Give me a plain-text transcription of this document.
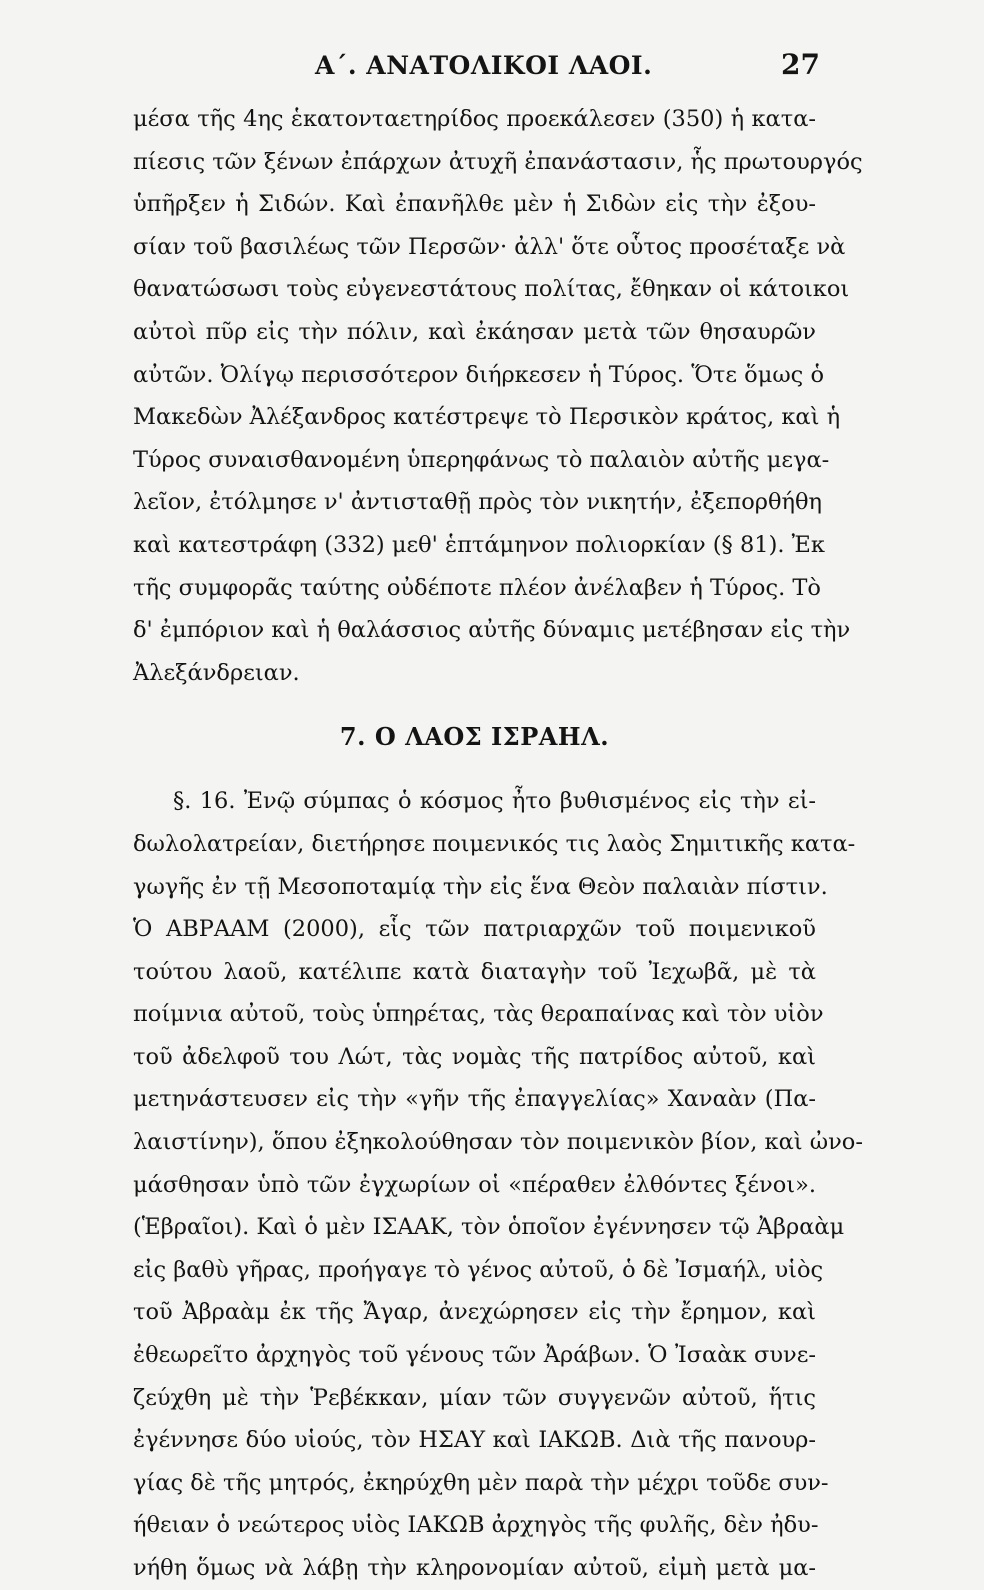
Α΄. ΑΝΑΤΟΛΙΚΟΙ ΛΑΟΙ.	27
μέσα τῆς 4ης ἑκατονταετηρίδος προεκάλεσεν (350) ἡ κατα-
πίεσις τῶν ξένων ἐπάρχων ἀτυχῆ ἐπανάστασιν, ἧς πρωτουργός
ὑπῆρξεν ἡ Σιδών. Καὶ ἐπανῆλθε μὲν ἡ Σιδὼν εἰς τὴν ἐξου-
σίαν τοῦ βασιλέως τῶν Περσῶν· ἀλλ' ὅτε οὗτος προσέταξε νὰ
θανατώσωσι τοὺς εὐγενεστάτους πολίτας, ἔθηκαν οἱ κάτοικοι
αὐτοὶ πῦρ εἰς τὴν πόλιν, καὶ ἐκάησαν μετὰ τῶν θησαυρῶν
αὐτῶν. Ὀλίγῳ περισσότερον διήρκεσεν ἡ Τύρος. Ὅτε ὅμως ὁ
Μακεδὼν Ἀλέξανδρος κατέστρεψε τὸ Περσικὸν κράτος, καὶ ἡ
Τύρος συναισθανομένη ὑπερηφάνως τὸ παλαιὸν αὐτῆς μεγα-
λεῖον, ἐτόλμησε ν' ἀντισταθῇ πρὸς τὸν νικητήν, ἐξεπορθήθη
καὶ κατεστράφη (332) μεθ' ἑπτάμηνον πολιορκίαν (§ 81). Ἐκ
τῆς συμφορᾶς ταύτης οὐδέποτε πλέον ἀνέλαβεν ἡ Τύρος. Τὸ
δ' ἐμπόριον καὶ ἡ θαλάσσιος αὐτῆς δύναμις μετέβησαν εἰς τὴν
Ἀλεξάνδρειαν.
7. Ο ΛΑΟΣ ΙΣΡΑΗΛ.
§. 16. Ἐνῷ σύμπας ὁ κόσμος ἦτο βυθισμένος εἰς τὴν εἰ-
δωλολατρείαν, διετήρησε ποιμενικός τις λαὸς Σημιτικῆς κατα-
γωγῆς ἐν τῇ Μεσοποταμίᾳ τὴν εἰς ἕνα Θεὸν παλαιὰν πίστιν.
Ὁ ΑΒΡΑΑΜ (2000), εἷς τῶν πατριαρχῶν τοῦ ποιμενικοῦ
τούτου λαοῦ, κατέλιπε κατὰ διαταγὴν τοῦ Ἰεχωβᾶ, μὲ τὰ
ποίμνια αὐτοῦ, τοὺς ὑπηρέτας, τὰς θεραπαίνας καὶ τὸν υἱὸν
τοῦ ἀδελφοῦ του Λώτ, τὰς νομὰς τῆς πατρίδος αὐτοῦ, καὶ
μετηνάστευσεν εἰς τὴν «γῆν τῆς ἐπαγγελίας» Χαναὰν (Πα-
λαιστίνην), ὅπου ἐξηκολούθησαν τὸν ποιμενικὸν βίον, καὶ ὠνο-
μάσθησαν ὑπὸ τῶν ἐγχωρίων οἱ «πέραθεν ἐλθόντες ξένοι».
(Ἑβραῖοι). Καὶ ὁ μὲν ΙΣΑΑΚ, τὸν ὁποῖον ἐγέννησεν τῷ Ἀβραὰμ
εἰς βαθὺ γῆρας, προήγαγε τὸ γένος αὐτοῦ, ὁ δὲ Ἰσμαήλ, υἱὸς
τοῦ Ἀβραὰμ ἐκ τῆς Ἄγαρ, ἀνεχώρησεν εἰς τὴν ἔρημον, καὶ
ἐθεωρεῖτο ἀρχηγὸς τοῦ γένους τῶν Ἀράβων. Ὁ Ἰσαὰκ συνε-
ζεύχθη μὲ τὴν Ῥεβέκκαν, μίαν τῶν συγγενῶν αὐτοῦ, ἥτις
ἐγέννησε δύο υἱούς, τὸν ΗΣΑΥ καὶ ΙΑΚΩΒ. Διὰ τῆς πανουρ-
γίας δὲ τῆς μητρός, ἐκηρύχθη μὲν παρὰ τὴν μέχρι τοῦδε συν-
ήθειαν ὁ νεώτερος υἱὸς ΙΑΚΩΒ ἀρχηγὸς τῆς φυλῆς, δὲν ἠδυ-
νήθη ὅμως νὰ λάβῃ τὴν κληρονομίαν αὐτοῦ, εἰμὴ μετὰ μα-
